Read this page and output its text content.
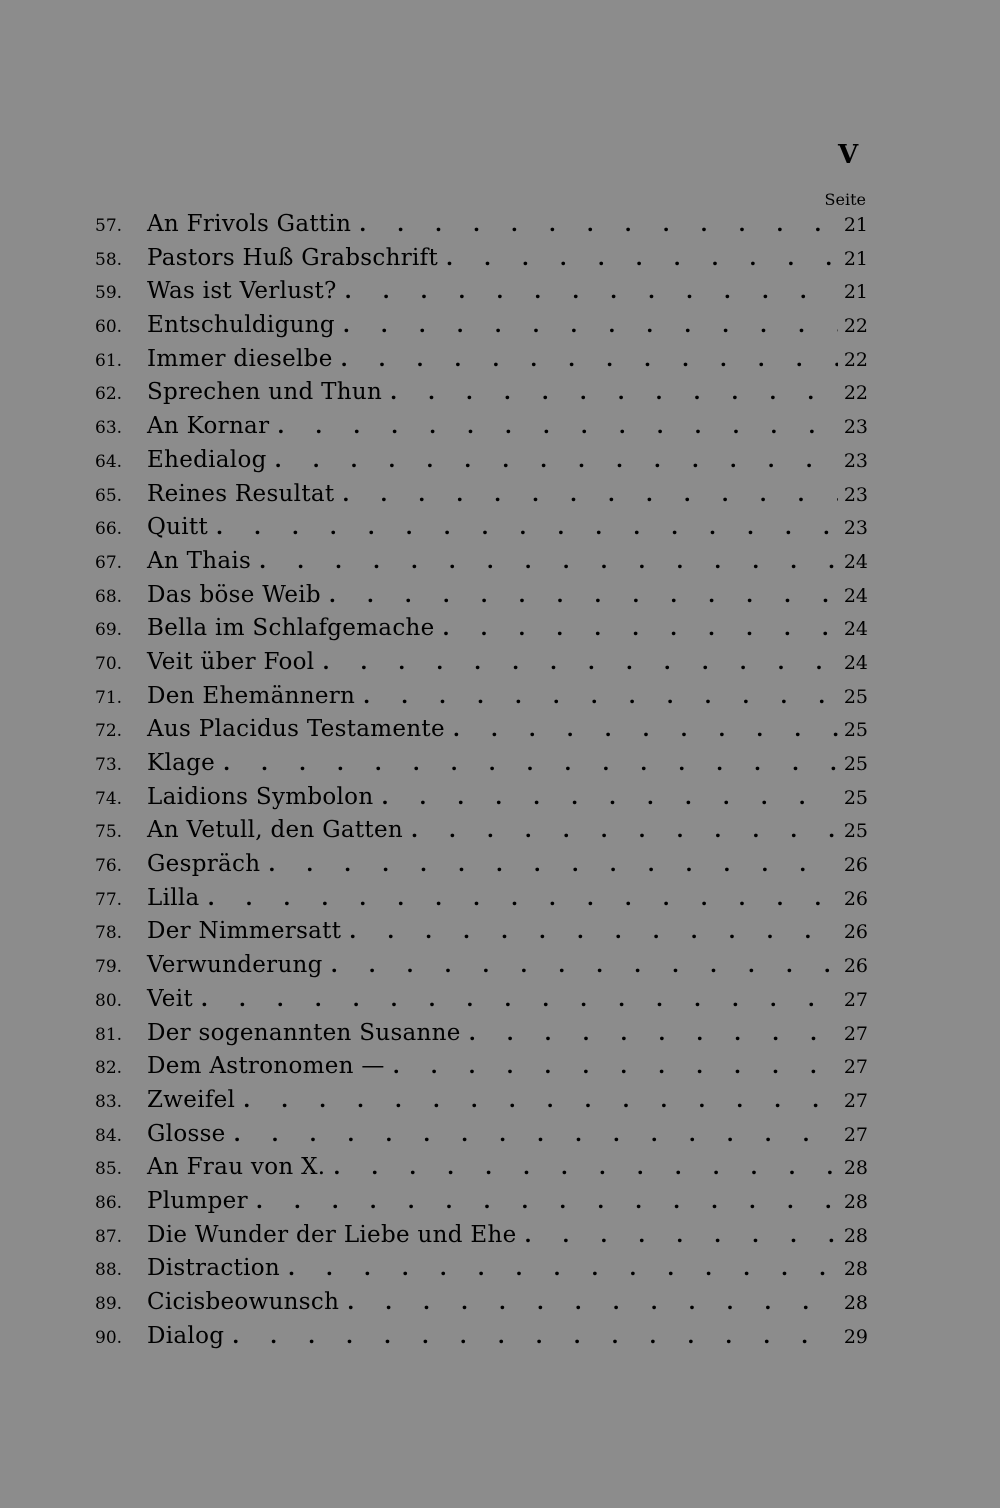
V
Seite
57.	An Frivols Gattin . . .	21
58.	Pastors Huß Grabschrift . . .	21
59.	Was ist Verlust? . . .	21
60.	Entschuldigung . . .	22
61.	Immer dieselbe . . .	22
62.	Sprechen und Thun . . .	22
63.	An Kornar . . .	23
64.	Ehedialog . . .	23
65.	Reines Resultat . . .	23
66.	Quitt . . .	23
67.	An Thais . . .	24
68.	Das böse Weib . . .	24
69.	Bella im Schlafgemache . . .	24
70.	Veit über Fool . . .	24
71.	Den Ehemännern . . .	25
72.	Aus Placidus Testamente . . .	25
73.	Klage . . .	25
74.	Laidions Symbolon . . .	25
75.	An Vetull, den Gatten . . .	25
76.	Gespräch . . .	26
77.	Lilla . . .	26
78.	Der Nimmersatt . . .	26
79.	Verwunderung . . .	26
80.	Veit . . .	27
81.	Der sogenannten Susanne . . .	27
82.	Dem Astronomen — . . .	27
83.	Zweifel . . .	27
84.	Glosse . . .	27
85.	An Frau von X. . . .	28
86.	Plumper . . .	28
87.	Die Wunder der Liebe und Ehe . . .	28
88.	Distraction . . .	28
89.	Cicisbeowunsch . . .	28
90.	Dialog . . .	29
